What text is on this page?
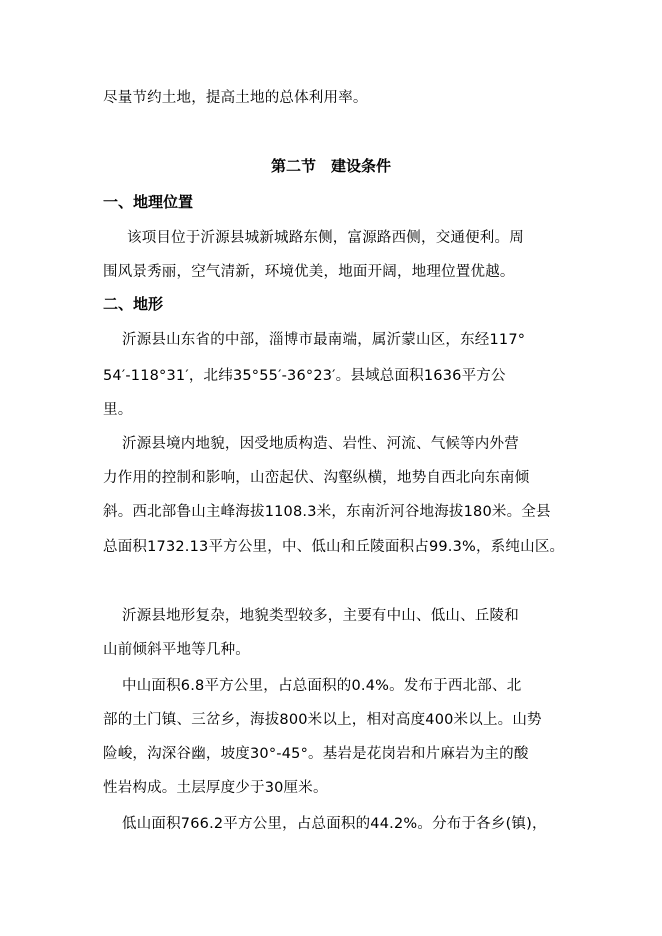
尽量节约土地，提高土地的总体利用率。
第二节　建设条件
一、地理位置
该项目位于沂源县城新城路东侧，富源路西侧，交通便利。周
围风景秀丽，空气清新，环境优美，地面开阔，地理位置优越。
二、地形
沂源县山东省的中部，淄博市最南端，属沂蒙山区，东经117°
54′-118°31′，北纬35°55′-36°23′。县域总面积1636平方公
里。
沂源县境内地貌，因受地质构造、岩性、河流、气候等内外营
力作用的控制和影响，山峦起伏、沟壑纵横，地势自西北向东南倾
斜。西北部鲁山主峰海拔1108.3米，东南沂河谷地海拔180米。全县
总面积1732.13平方公里，中、低山和丘陵面积占99.3%，系纯山区。
沂源县地形复杂，地貌类型较多，主要有中山、低山、丘陵和
山前倾斜平地等几种。
中山面积6.8平方公里，占总面积的0.4%。发布于西北部、北
部的土门镇、三岔乡，海拔800米以上，相对高度400米以上。山势
险峻，沟深谷幽，坡度30°-45°。基岩是花岗岩和片麻岩为主的酸
性岩构成。土层厚度少于30厘米。
低山面积766.2平方公里，占总面积的44.2%。分布于各乡(镇)，
